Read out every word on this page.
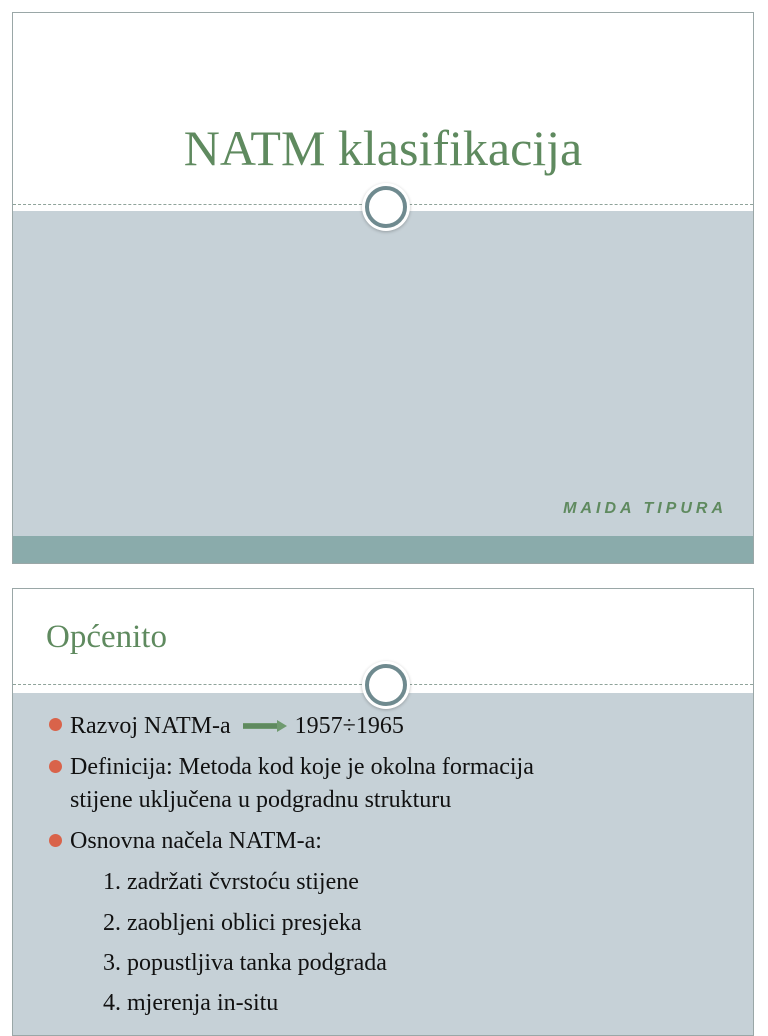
NATM klasifikacija
MAIDA TIPURA
Općenito
Razvoj NATM-a	1957÷1965
Definicija: Metoda kod koje je okolna formacija
stijene uključena u podgradnu strukturu
Osnovna načela NATM-a:
1. zadržati čvrstoću stijene
2. zaobljeni oblici presjeka
3. popustljiva tanka podgrada
4. mjerenja in-situ
